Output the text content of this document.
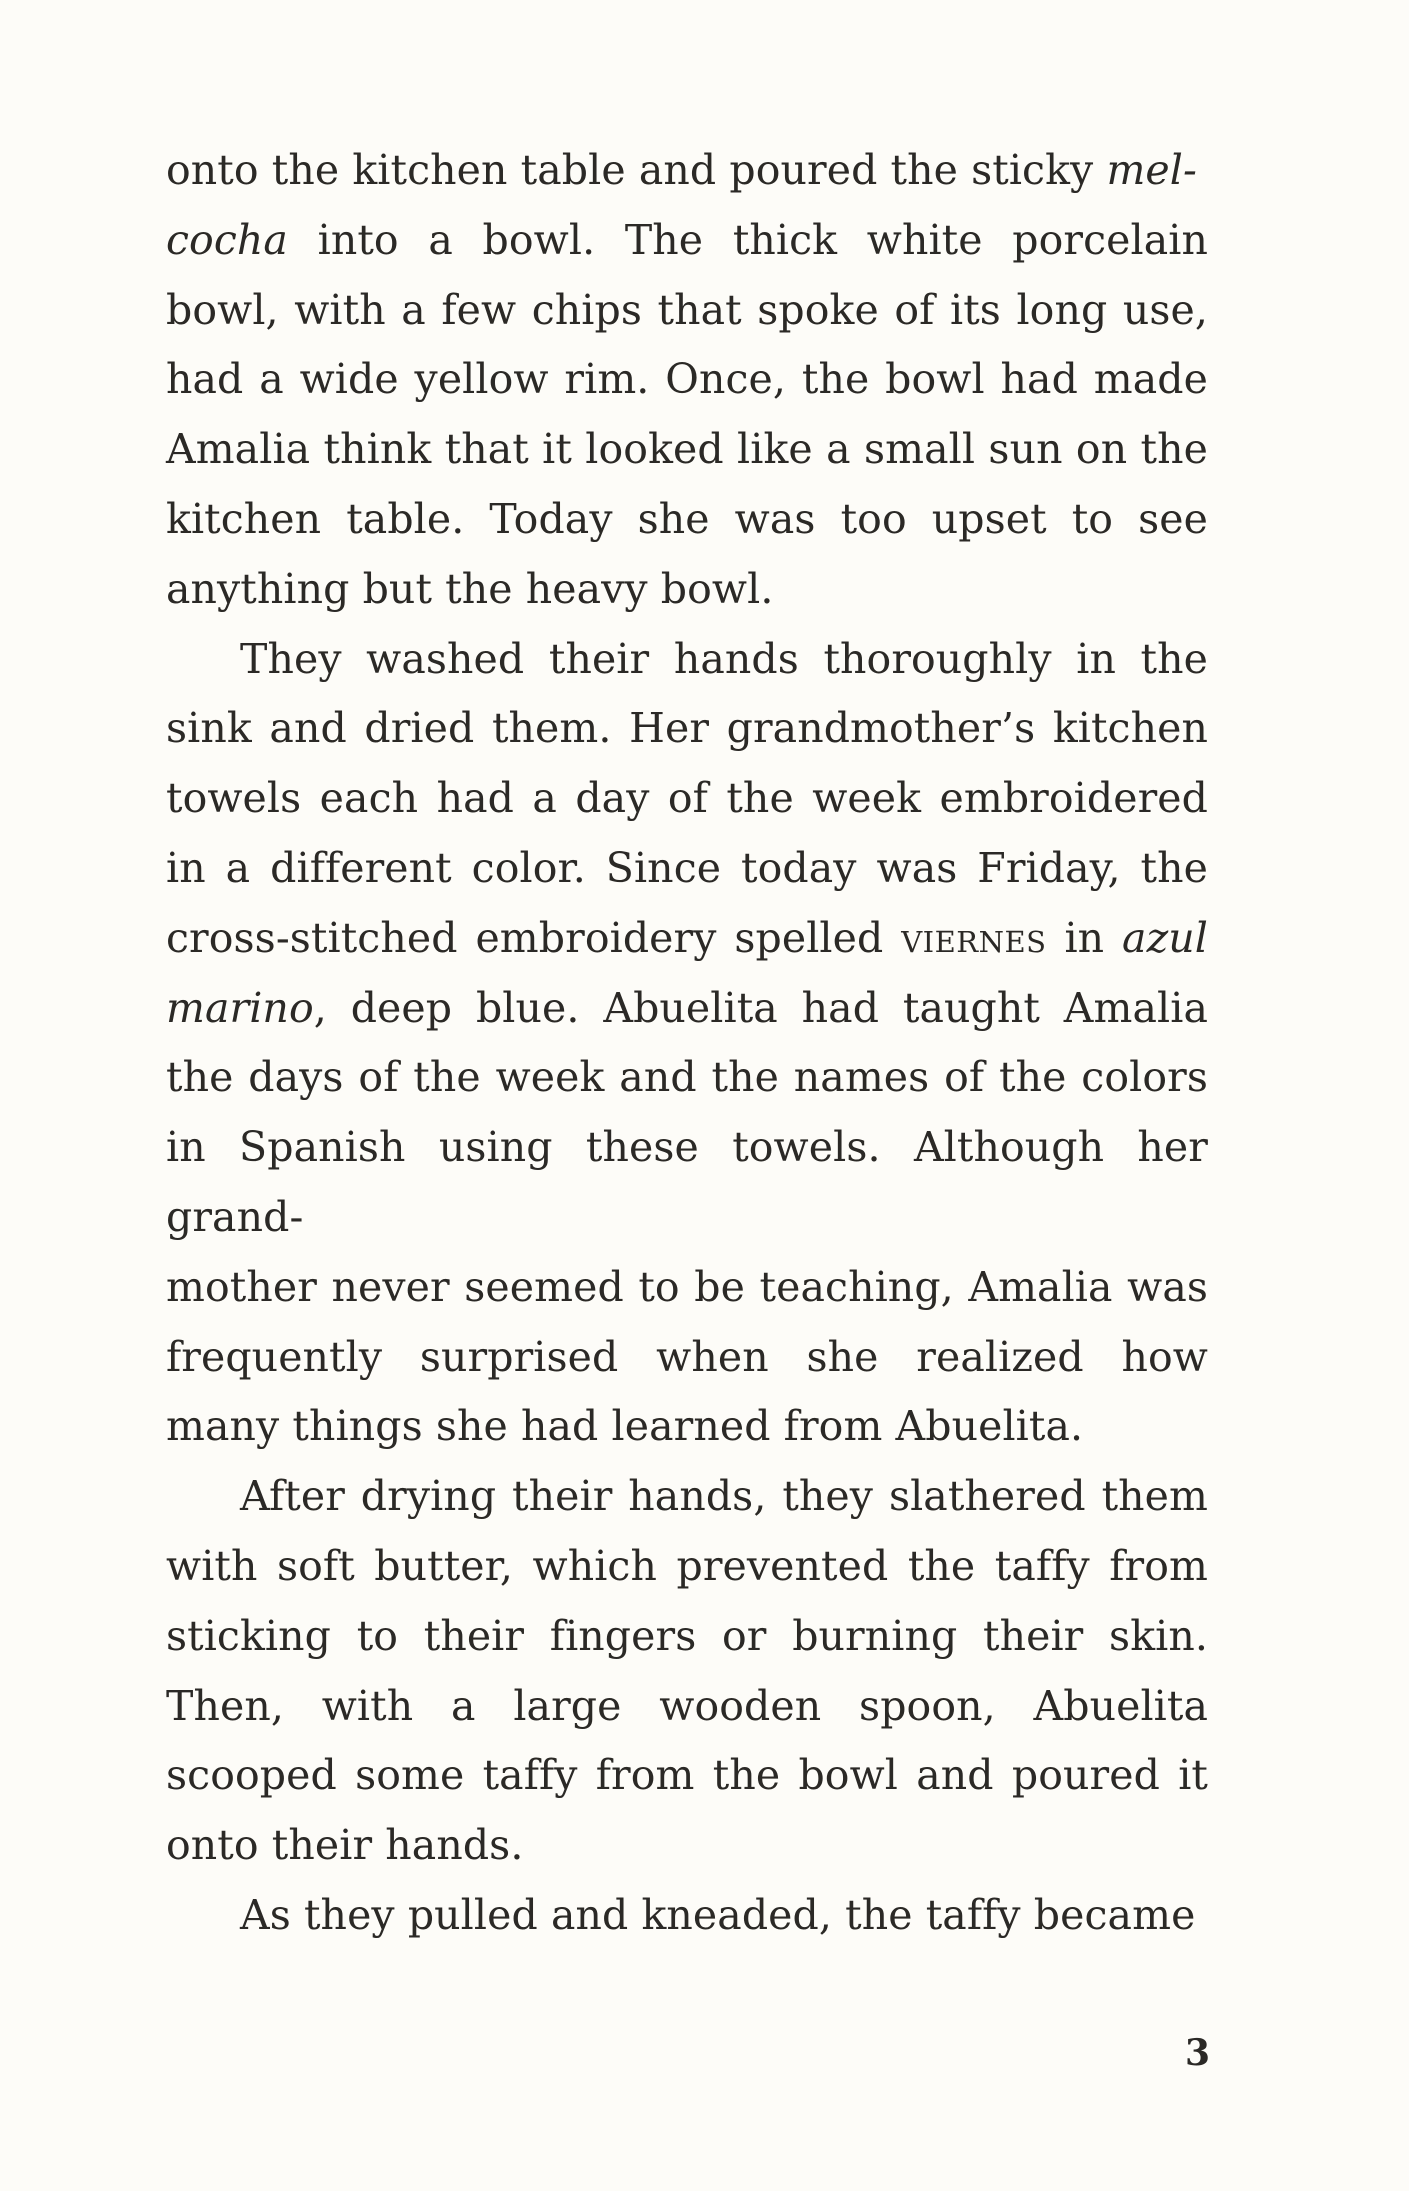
onto the kitchen table and poured the sticky mel-
cocha into a bowl. The thick white porcelain bowl, with a few chips that spoke of its long use, had a wide yellow rim. Once, the bowl had made Amalia think that it looked like a small sun on the kitchen table. Today she was too upset to see anything but the heavy bowl.

They washed their hands thoroughly in the sink and dried them. Her grandmother’s kitchen towels each had a day of the week embroidered in a different color. Since today was Friday, the cross-stitched embroidery spelled viernes in azul marino, deep blue. Abuelita had taught Amalia the days of the week and the names of the colors in Spanish using these towels. Although her grand-
mother never seemed to be teaching, Amalia was frequently surprised when she realized how many things she had learned from Abuelita.

After drying their hands, they slathered them with soft butter, which prevented the taffy from sticking to their fingers or burning their skin. Then, with a large wooden spoon, Abuelita scooped some taffy from the bowl and poured it onto their hands.

As they pulled and kneaded, the taffy became

3
